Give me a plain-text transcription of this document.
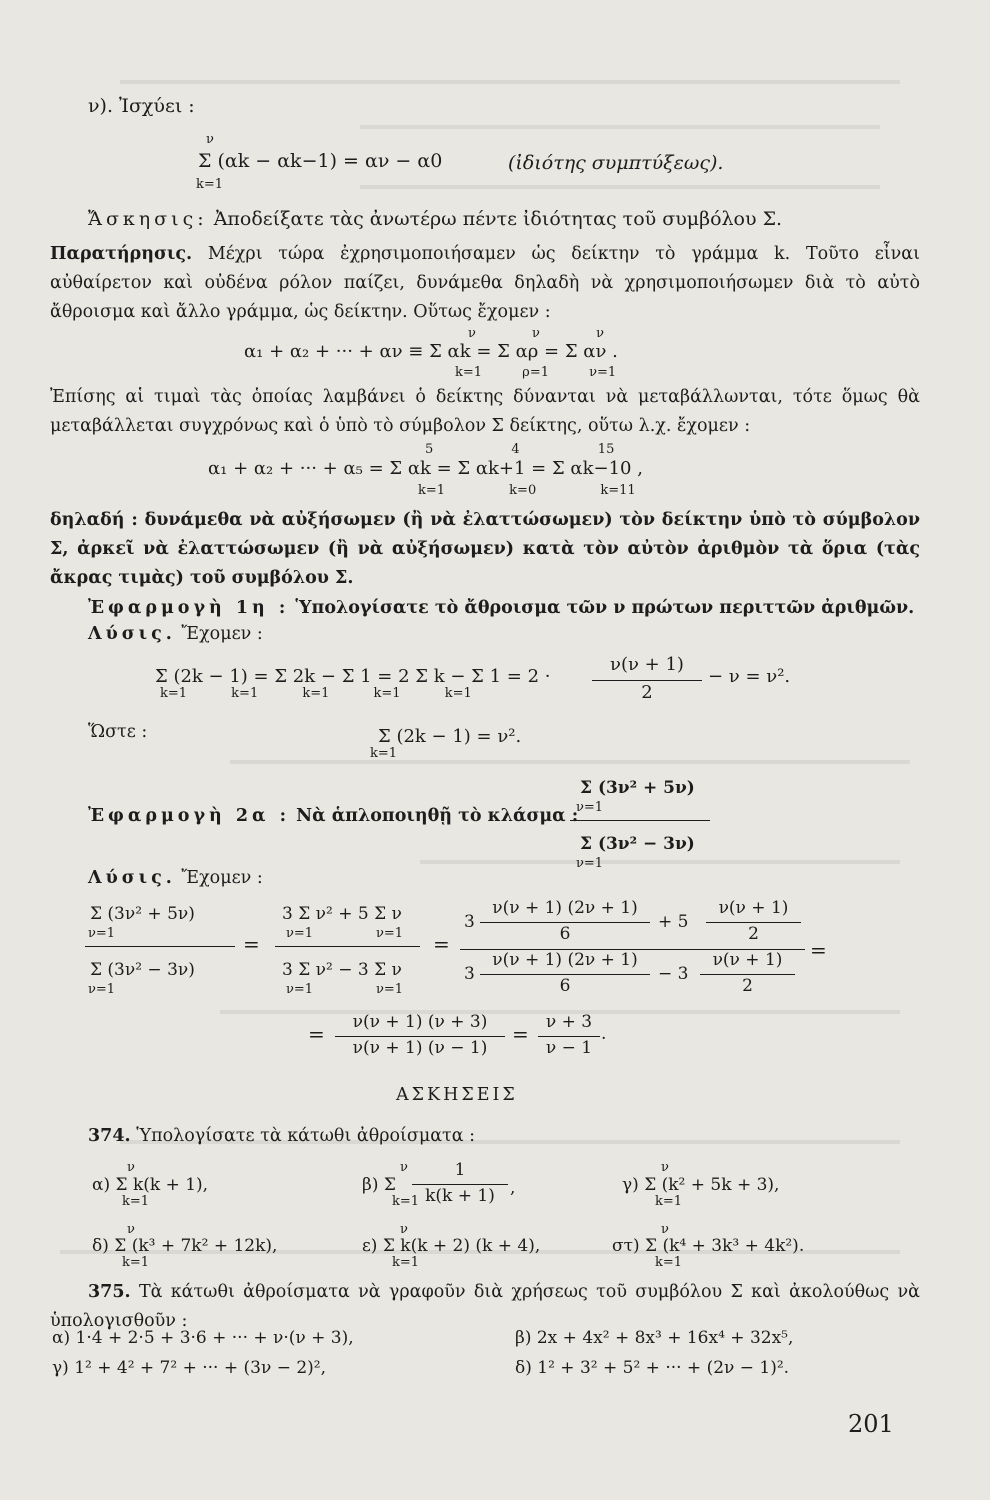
ν). Ἰσχύει :
ν
Σ (αk − αk−1) = αν − α0
k=1
(ἰδιότης συμπτύξεως).
Ἄσκησις: Ἀποδείξατε τὰς ἀνωτέρω πέντε ἰδιότητας τοῦ συμβόλου Σ.
Παρατήρησις. Μέχρι τώρα ἐχρησιμοποιήσαμεν ὡς δείκτην τὸ γράμμα k. Τοῦτο εἶναι αὐθαίρετον καὶ οὐδένα ρόλον παίζει, δυνάμεθα δηλαδὴ νὰ χρησιμοποιήσωμεν διὰ τὸ αὐτὸ ἄθροισμα καὶ ἄλλο γράμμα, ὡς δείκτην. Οὕτως ἔχομεν :
ν ν ν
α₁ + α₂ + ··· + αν ≡ Σ αk = Σ αρ = Σ αν .
k=1 ρ=1 ν=1
Ἐπίσης αἱ τιμαὶ τὰς ὁποίας λαμβάνει ὁ δείκτης δύνανται νὰ μεταβάλλωνται, τότε ὅμως θὰ μεταβάλλεται συγχρόνως καὶ ὁ ὑπὸ τὸ σύμβολον Σ δείκτης, οὕτω λ.χ. ἔχομεν :
5 4 15
α₁ + α₂ + ··· + α₅ = Σ αk = Σ αk+1 = Σ αk−10 ,
k=1 k=0 k=11
δηλαδή : δυνάμεθα νὰ αὐξήσωμεν (ἢ νὰ ἐλαττώσωμεν) τὸν δείκτην ὑπὸ τὸ σύμβολον Σ, ἀρκεῖ νὰ ἐλαττώσωμεν (ἢ νὰ αὐξήσωμεν) κατὰ τὸν αὐτὸν ἀριθμὸν τὰ ὅρια (τὰς ἄκρας τιμὰς) τοῦ συμβόλου Σ.
Ἐφαρμογὴ 1η : Ὑπολογίσατε τὸ ἄθροισμα τῶν ν πρώτων περιττῶν ἀριθμῶν.
Λύσις. Ἔχομεν :
Σ (2k − 1) = Σ 2k − Σ 1 = 2 Σ k − Σ 1 = 2 ·
ν(ν + 1)
2
− ν = ν².
k=1 k=1 k=1 k=1 k=1
Ὥστε :	Σ (2k − 1) = ν².
k=1
Ἐφαρμογὴ 2α : Νὰ ἁπλοποιηθῇ τὸ κλάσμα :
Σ (3ν² + 5ν)
ν=1
Σ (3ν² − 3ν)
ν=1
Λύσις. Ἔχομεν :
Σ (3ν² + 5ν)
ν=1
Σ (3ν² − 3ν)
ν=1
=
3 Σ ν² + 5 Σ ν
ν=1	ν=1
3 Σ ν² − 3 Σ ν
ν=1	ν=1
=
3
ν(ν + 1) (2ν + 1)
6
+ 5
ν(ν + 1)
2
3
ν(ν + 1) (2ν + 1)
6
− 3
ν(ν + 1)
2
=
=	ν(ν + 1) (ν + 3)
ν(ν + 1) (ν − 1)
=	ν + 3
ν − 1
.
ΑΣΚΗΣΕΙΣ
374. Ὑπολογίσατε τὰ κάτωθι ἀθροίσματα :
ν
α) Σ k(k + 1),
k=1
ν
β) Σ
1
k(k + 1) ,
k=1
ν
γ) Σ (k² + 5k + 3),
k=1
ν
δ) Σ (k³ + 7k² + 12k),
k=1
ν
ε) Σ k(k + 2) (k + 4),
k=1
ν
στ) Σ (k⁴ + 3k³ + 4k²).
k=1
375. Τὰ κάτωθι ἀθροίσματα νὰ γραφοῦν διὰ χρήσεως τοῦ συμβόλου Σ καὶ ἀκολούθως νὰ ὑπολογισθοῦν :
α) 1·4 + 2·5 + 3·6 + ··· + ν·(ν + 3),	β) 2x + 4x² + 8x³ + 16x⁴ + 32x⁵,
γ) 1² + 4² + 7² + ··· + (3ν − 2)²,	δ) 1² + 3² + 5² + ··· + (2ν − 1)².
201
